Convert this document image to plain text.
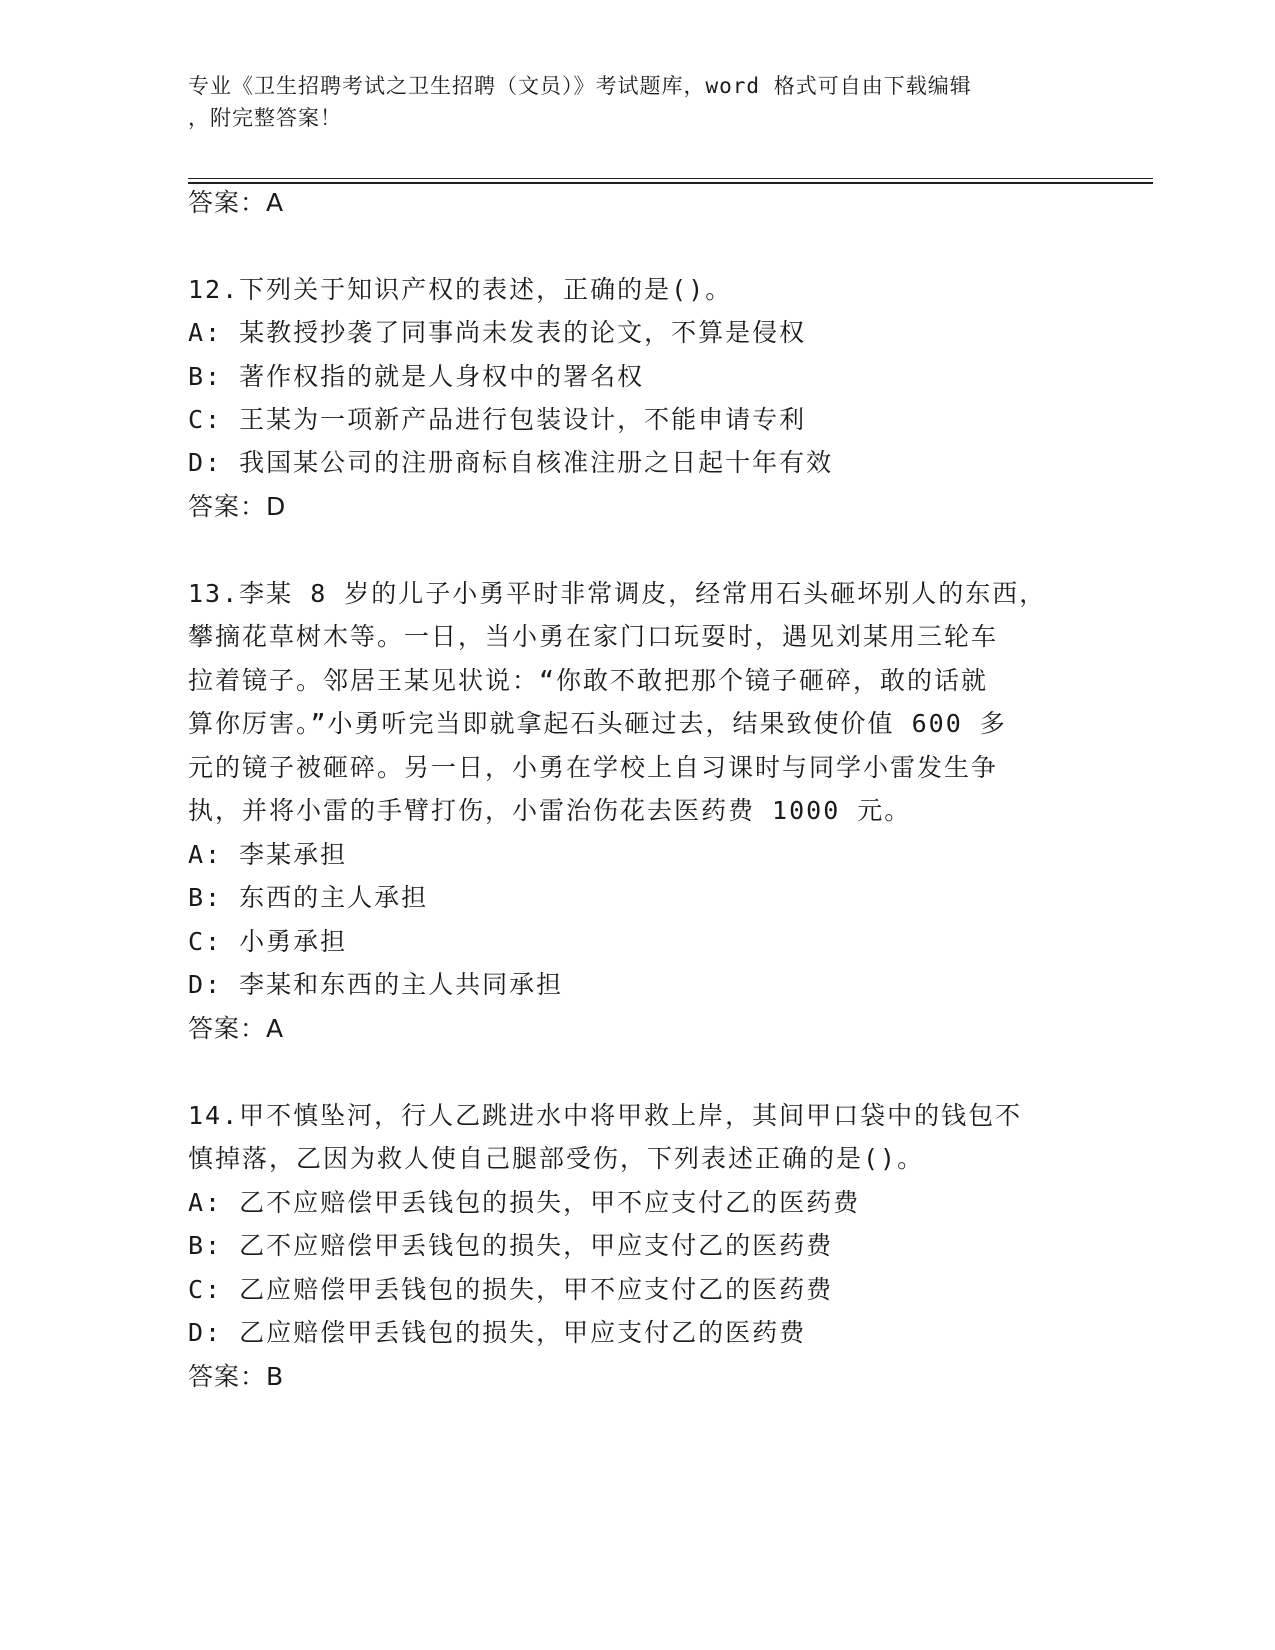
专业《卫生招聘考试之卫生招聘（文员）》考试题库，word 格式可自由下载编辑
，附完整答案！
答案：A
12.下列关于知识产权的表述，正确的是()。
A: 某教授抄袭了同事尚未发表的论文，不算是侵权
B: 著作权指的就是人身权中的署名权
C: 王某为一项新产品进行包装设计，不能申请专利
D: 我国某公司的注册商标自核准注册之日起十年有效
答案：D
13.李某 8 岁的儿子小勇平时非常调皮，经常用石头砸坏别人的东西，
攀摘花草树木等。一日，当小勇在家门口玩耍时，遇见刘某用三轮车
拉着镜子。邻居王某见状说：“你敢不敢把那个镜子砸碎，敢的话就
算你厉害。”小勇听完当即就拿起石头砸过去，结果致使价值 600 多
元的镜子被砸碎。另一日，小勇在学校上自习课时与同学小雷发生争
执，并将小雷的手臂打伤，小雷治伤花去医药费 1000 元。
A: 李某承担
B: 东西的主人承担
C: 小勇承担
D: 李某和东西的主人共同承担
答案：A
14.甲不慎坠河，行人乙跳进水中将甲救上岸，其间甲口袋中的钱包不
慎掉落，乙因为救人使自己腿部受伤，下列表述正确的是()。
A: 乙不应赔偿甲丢钱包的损失，甲不应支付乙的医药费
B: 乙不应赔偿甲丢钱包的损失，甲应支付乙的医药费
C: 乙应赔偿甲丢钱包的损失，甲不应支付乙的医药费
D: 乙应赔偿甲丢钱包的损失，甲应支付乙的医药费
答案：B
